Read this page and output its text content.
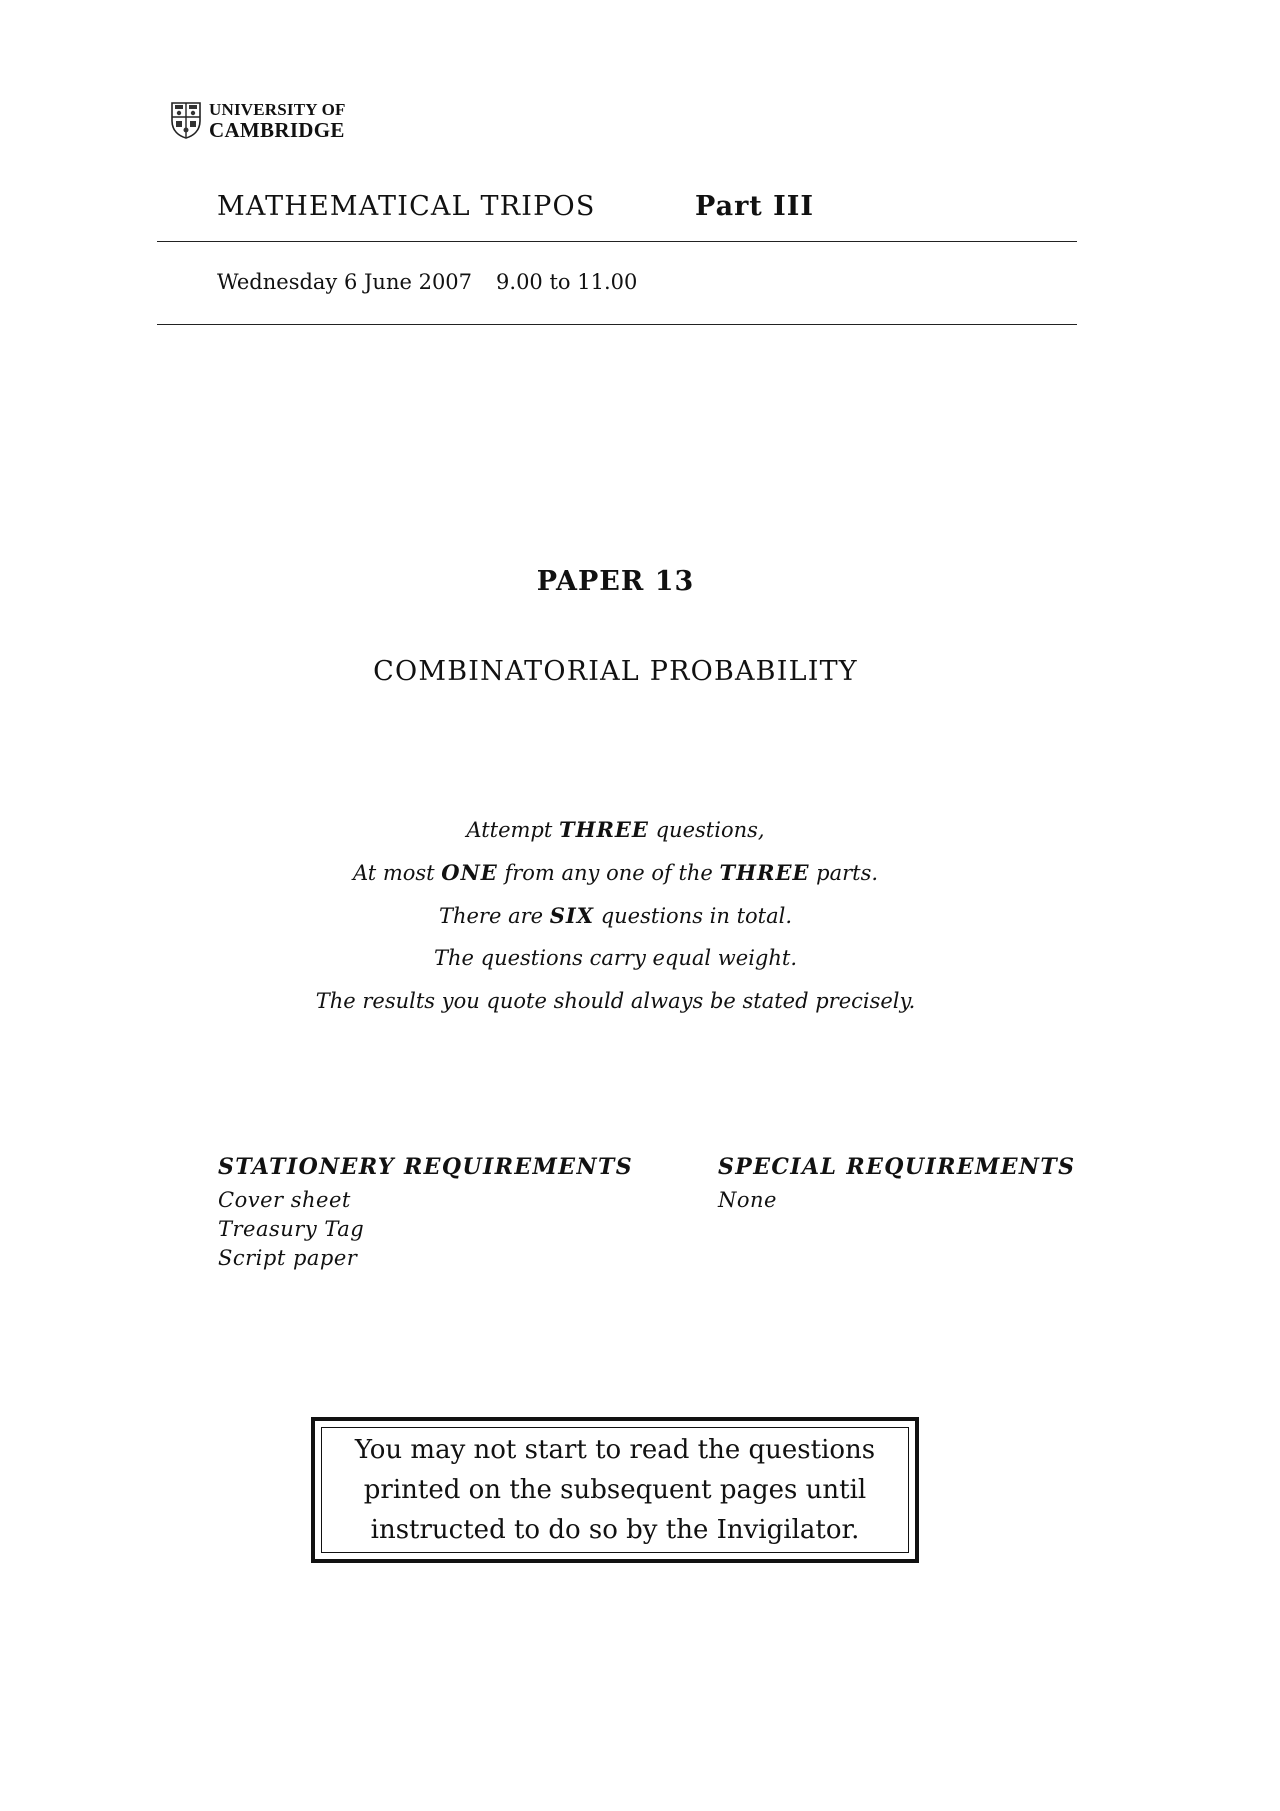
UNIVERSITY OF
CAMBRIDGE
MATHEMATICAL TRIPOS	Part III
Wednesday 6 June 2007 9.00 to 11.00
PAPER 13
COMBINATORIAL PROBABILITY
Attempt THREE questions,
At most ONE from any one of the THREE parts.
There are SIX questions in total.
The questions carry equal weight.
The results you quote should always be stated precisely.
STATIONERY REQUIREMENTS
Cover sheet
Treasury Tag
Script paper
SPECIAL REQUIREMENTS
None
You may not start to read the questions
printed on the subsequent pages until
instructed to do so by the Invigilator.
